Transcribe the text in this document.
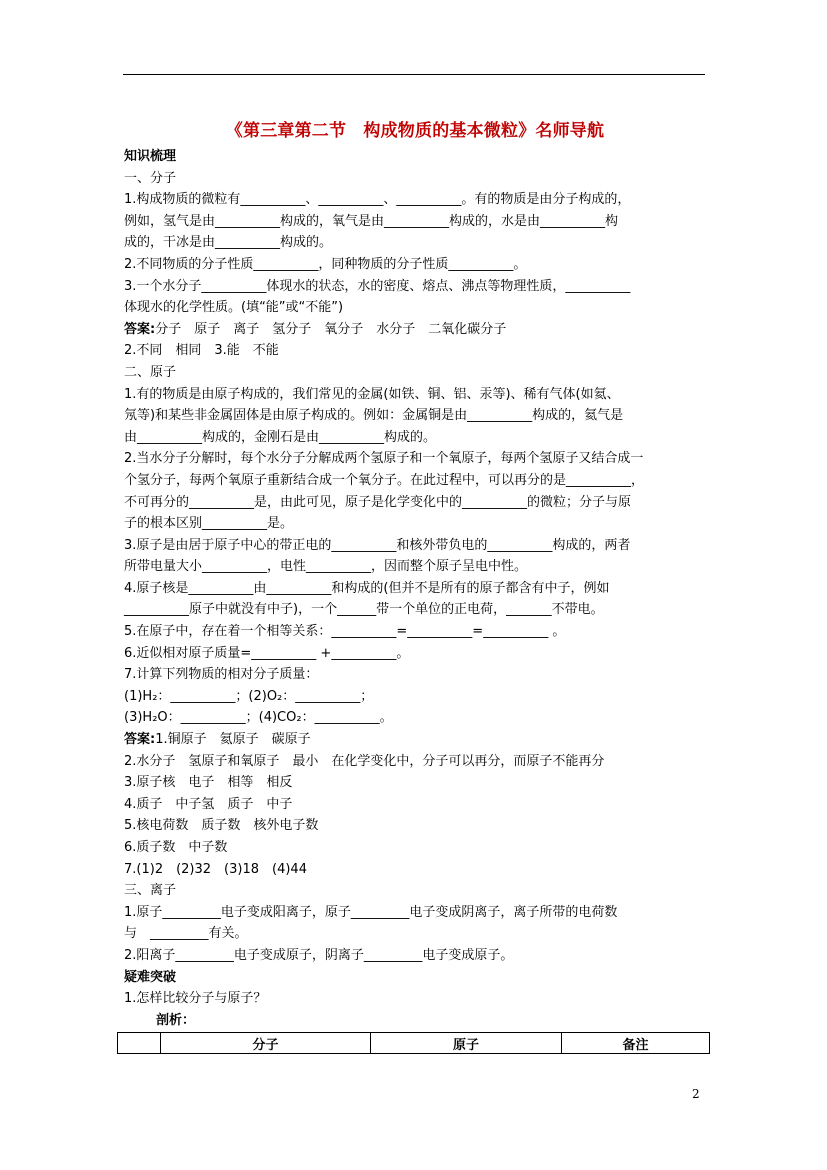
《第三章第二节　构成物质的基本微粒》名师导航

知识梳理

一、分子

1.构成物质的微粒有__________、__________、__________。有的物质是由分子构成的，

例如，氢气是由__________构成的，氧气是由__________构成的，水是由__________构

成的，干冰是由__________构成的。

2.不同物质的分子性质__________，同种物质的分子性质__________。

3.一个水分子__________体现水的状态，水的密度、熔点、沸点等物理性质，__________

体现水的化学性质。(填“能”或“不能”)

答案:分子　原子　离子　氢分子　氧分子　水分子　二氧化碳分子

2.不同　相同　3.能　不能

二、原子

1.有的物质是由原子构成的，我们常见的金属(如铁、铜、铝、汞等)、稀有气体(如氦、

氖等)和某些非金属固体是由原子构成的。例如：金属铜是由__________构成的，氦气是

由__________构成的，金刚石是由__________构成的。

2.当水分子分解时，每个水分子分解成两个氢原子和一个氧原子，每两个氢原子又结合成一

个氢分子，每两个氧原子重新结合成一个氧分子。在此过程中，可以再分的是__________，

不可再分的__________是，由此可见，原子是化学变化中的__________的微粒；分子与原

子的根本区别__________是。

3.原子是由居于原子中心的带正电的__________和核外带负电的__________构成的，两者

所带电量大小__________，电性__________，因而整个原子呈电中性。

4.原子核是__________由__________和构成的(但并不是所有的原子都含有中子，例如

__________原子中就没有中子)，一个______带一个单位的正电荷，_______不带电。

5.在原子中，存在着一个相等关系：__________=__________=__________ 。

6.近似相对原子质量=__________ +__________。

7.计算下列物质的相对分子质量：

(1)H₂：__________；(2)O₂：__________；

(3)H₂O：__________；(4)CO₂：__________。

答案:1.铜原子　氦原子　碳原子

2.水分子　氢原子和氧原子　最小　在化学变化中，分子可以再分，而原子不能再分

3.原子核　电子　相等　相反

4.质子　中子氢　质子　中子

5.核电荷数　质子数　核外电子数

6.质子数　中子数

7.(1)2　(2)32　(3)18　(4)44

三、离子

1.原子_________电子变成阳离子，原子_________电子变成阴离子，离子所带的电荷数

与　_________有关。

2.阳离子_________电子变成原子，阴离子_________电子变成原子。

疑难突破

1.怎样比较分子与原子？

剖析：

	分子	原子	备注
2
